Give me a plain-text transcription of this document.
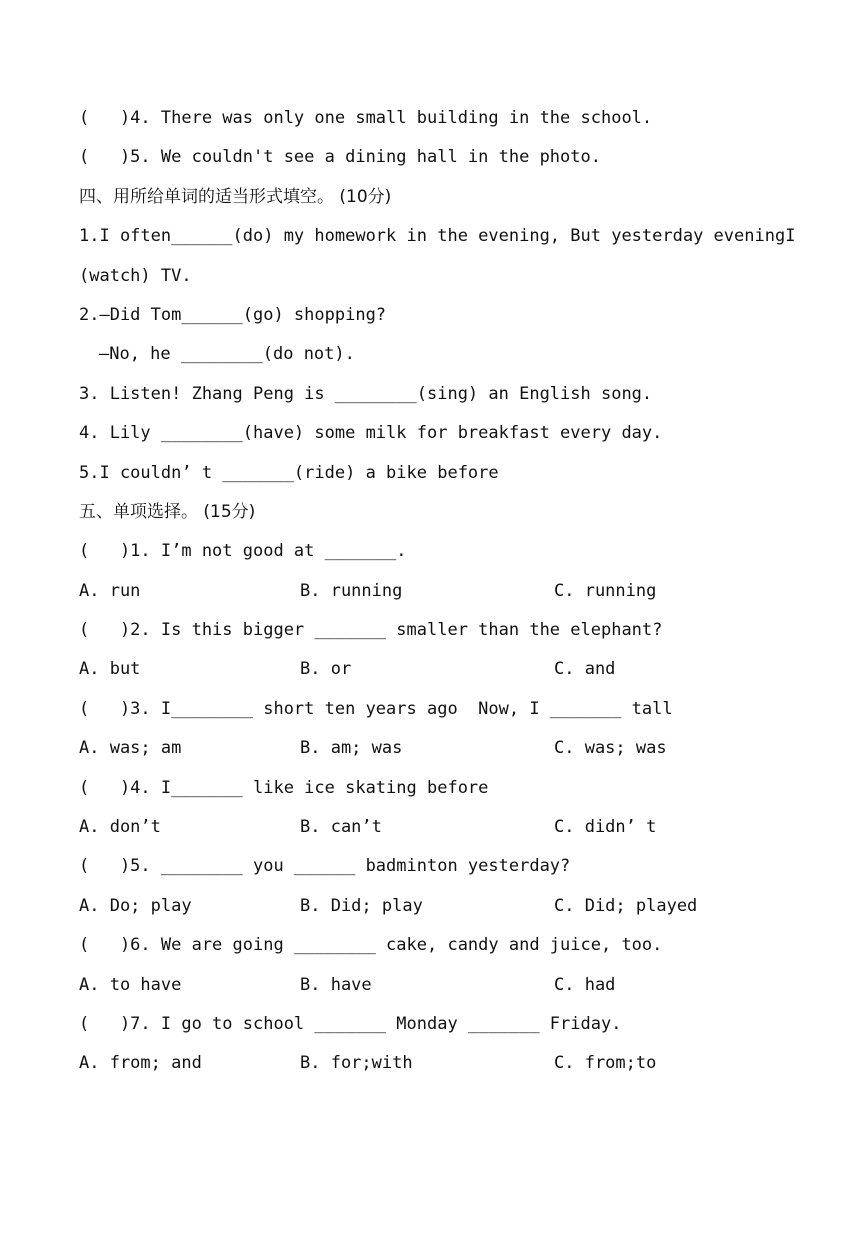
(   )4. There was only one small building in the school.
(   )5. We couldn't see a dining hall in the photo.
四、用所给单词的适当形式填空。 (10分)
1.I often______(do) my homework in the evening, But yesterday evening I
(watch) TV.
2.—Did Tom______(go) shopping?
—No, he ________(do not).
3. Listen! Zhang Peng is ________(sing) an English song.
4. Lily ________(have) some milk for breakfast every day.
5.I couldn’ t _______(ride) a bike before
五、单项选择。 (15分)
(   )1. I’m not good at _______.

A. run

	B. running

	C. running

(   )2. Is this bigger _______ smaller than the elephant?

A. but

	B. or

	C. and

(   )3. I________ short ten years ago  Now, I _______ tall

A. was; am

	B. am; was

	C. was; was

(   )4. I_______ like ice skating before

A. don’t

	B. can’t

	C. didn’ t

(   )5. ________ you ______ badminton yesterday?

A. Do; play

	B. Did; play

	C. Did; played

(   )6. We are going ________ cake, candy and juice, too.

A. to have

	B. have

	C. had

(   )7. I go to school _______ Monday _______ Friday.

A. from; and

	B. for;with

	C. from;to
